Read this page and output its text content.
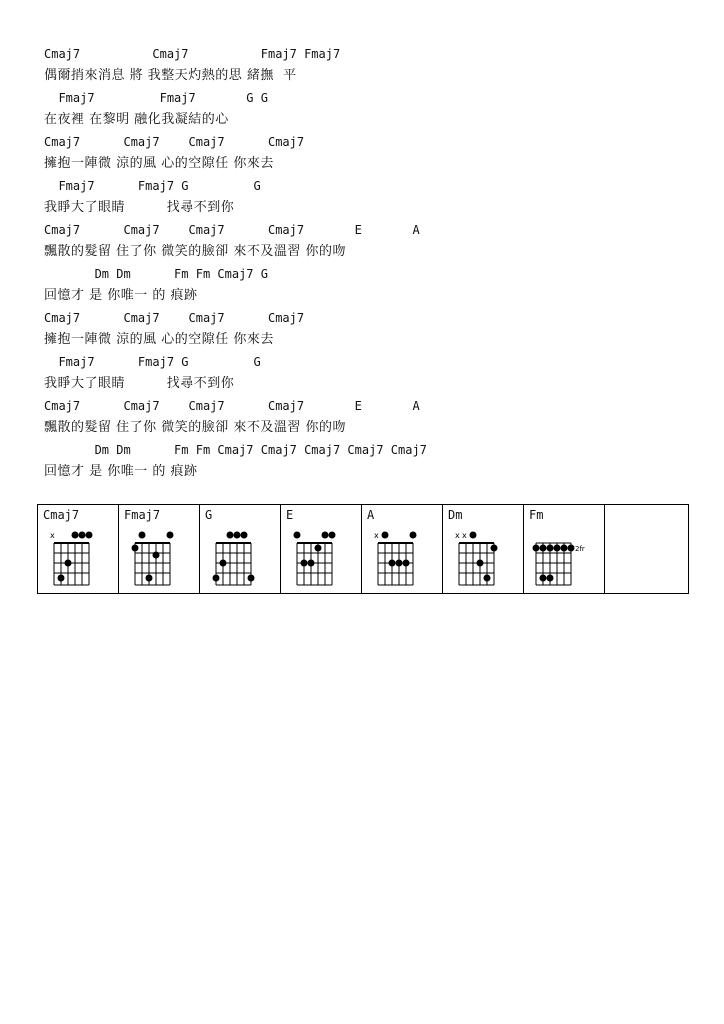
Cmaj7          Cmaj7          Fmaj7 Fmaj7
偶爾捎來消息 將 我整天灼熱的思 緒撫  平
Fmaj7         Fmaj7       G G
在夜裡 在黎明 融化我凝結的心
Cmaj7      Cmaj7    Cmaj7      Cmaj7
擁抱一陣微 涼的風 心的空隙任 你來去
Fmaj7      Fmaj7 G         G
我睜大了眼睛         找尋不到你
Cmaj7      Cmaj7    Cmaj7      Cmaj7       E       A
飄散的髮留 住了你 微笑的臉卻 來不及溫習 你的吻
Dm Dm      Fm Fm Cmaj7 G
回憶才 是 你唯一 的 痕跡
Cmaj7      Cmaj7    Cmaj7      Cmaj7
擁抱一陣微 涼的風 心的空隙任 你來去
Fmaj7      Fmaj7 G         G
我睜大了眼睛         找尋不到你
Cmaj7      Cmaj7    Cmaj7      Cmaj7       E       A
飄散的髮留 住了你 微笑的臉卻 來不及溫習 你的吻
Dm Dm      Fm Fm Cmaj7 Cmaj7 Cmaj7 Cmaj7 Cmaj7
回憶才 是 你唯一 的 痕跡
Cmaj7
x
Fmaj7	G	E	A
x
Dm
x x
Fm
2fr
